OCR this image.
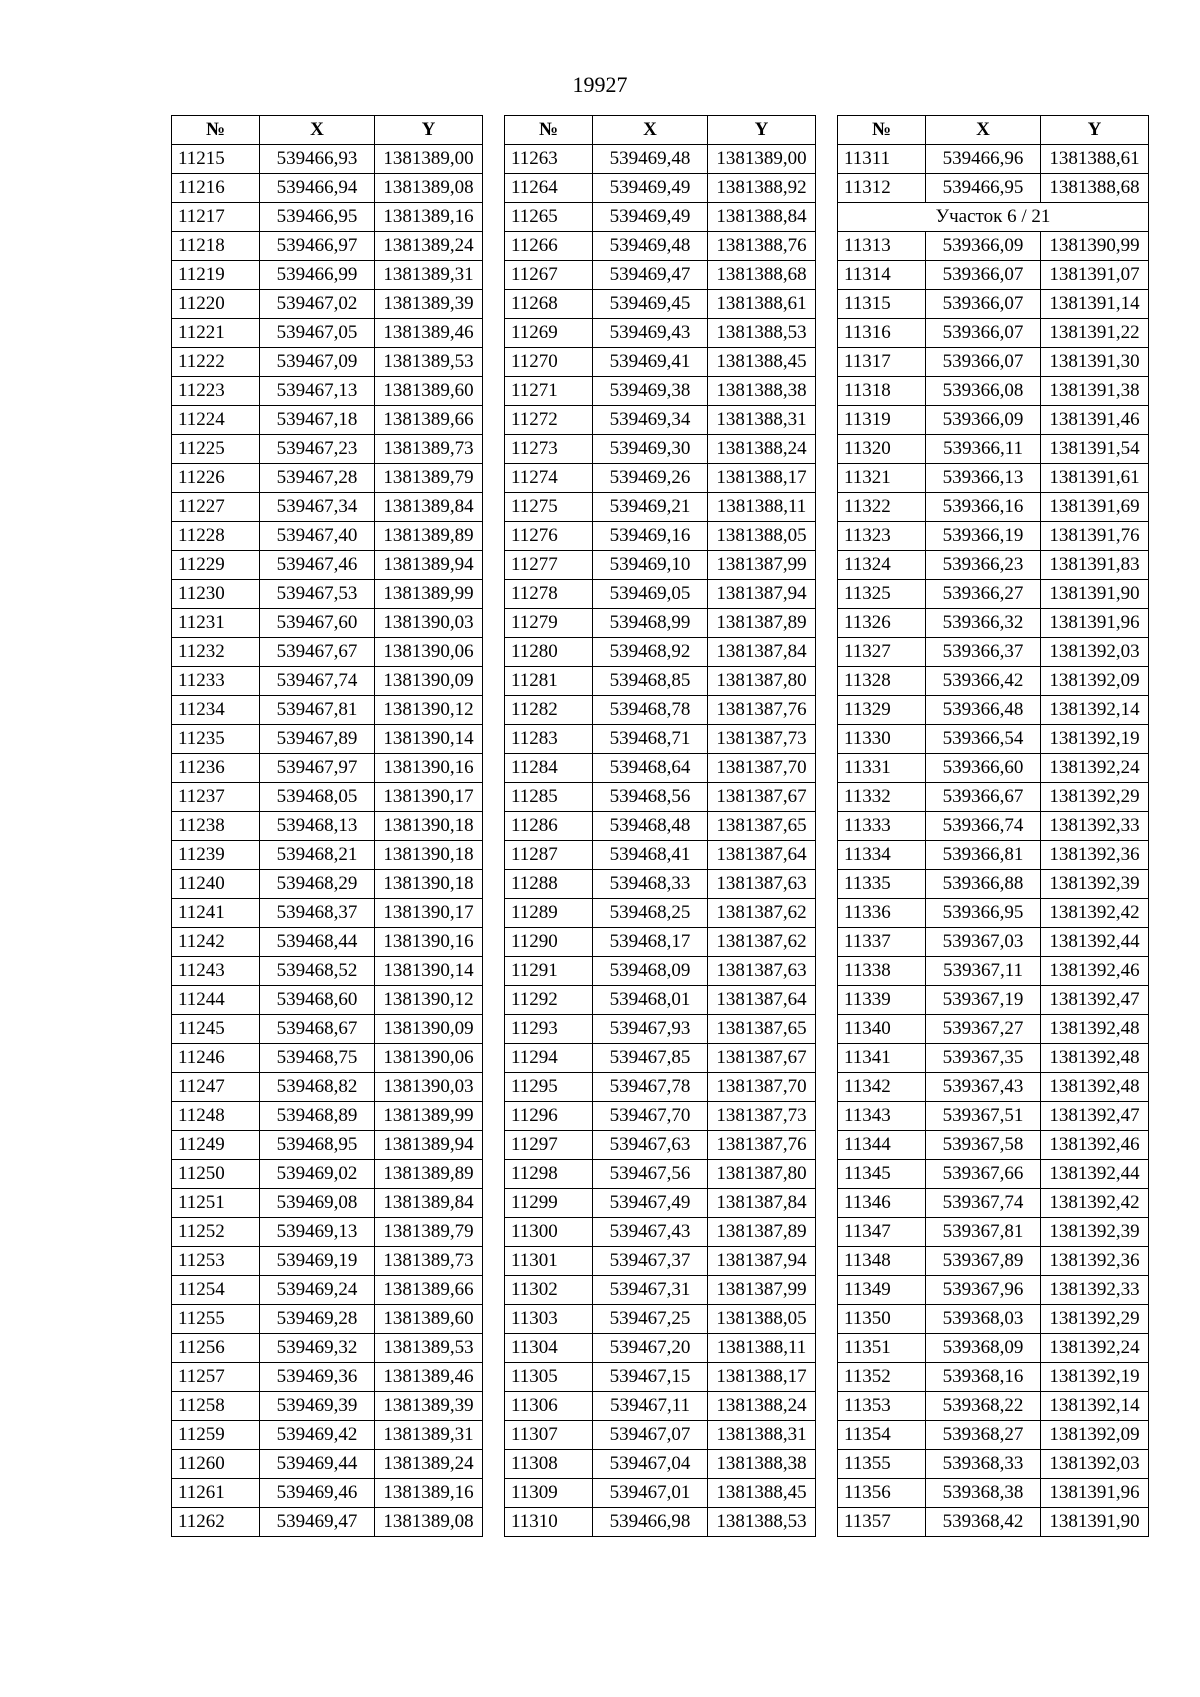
19927
№	X	Y
11215	539466,93	1381389,00
11216	539466,94	1381389,08
11217	539466,95	1381389,16
11218	539466,97	1381389,24
11219	539466,99	1381389,31
11220	539467,02	1381389,39
11221	539467,05	1381389,46
11222	539467,09	1381389,53
11223	539467,13	1381389,60
11224	539467,18	1381389,66
11225	539467,23	1381389,73
11226	539467,28	1381389,79
11227	539467,34	1381389,84
11228	539467,40	1381389,89
11229	539467,46	1381389,94
11230	539467,53	1381389,99
11231	539467,60	1381390,03
11232	539467,67	1381390,06
11233	539467,74	1381390,09
11234	539467,81	1381390,12
11235	539467,89	1381390,14
11236	539467,97	1381390,16
11237	539468,05	1381390,17
11238	539468,13	1381390,18
11239	539468,21	1381390,18
11240	539468,29	1381390,18
11241	539468,37	1381390,17
11242	539468,44	1381390,16
11243	539468,52	1381390,14
11244	539468,60	1381390,12
11245	539468,67	1381390,09
11246	539468,75	1381390,06
11247	539468,82	1381390,03
11248	539468,89	1381389,99
11249	539468,95	1381389,94
11250	539469,02	1381389,89
11251	539469,08	1381389,84
11252	539469,13	1381389,79
11253	539469,19	1381389,73
11254	539469,24	1381389,66
11255	539469,28	1381389,60
11256	539469,32	1381389,53
11257	539469,36	1381389,46
11258	539469,39	1381389,39
11259	539469,42	1381389,31
11260	539469,44	1381389,24
11261	539469,46	1381389,16
11262	539469,47	1381389,08
№	X	Y
11263	539469,48	1381389,00
11264	539469,49	1381388,92
11265	539469,49	1381388,84
11266	539469,48	1381388,76
11267	539469,47	1381388,68
11268	539469,45	1381388,61
11269	539469,43	1381388,53
11270	539469,41	1381388,45
11271	539469,38	1381388,38
11272	539469,34	1381388,31
11273	539469,30	1381388,24
11274	539469,26	1381388,17
11275	539469,21	1381388,11
11276	539469,16	1381388,05
11277	539469,10	1381387,99
11278	539469,05	1381387,94
11279	539468,99	1381387,89
11280	539468,92	1381387,84
11281	539468,85	1381387,80
11282	539468,78	1381387,76
11283	539468,71	1381387,73
11284	539468,64	1381387,70
11285	539468,56	1381387,67
11286	539468,48	1381387,65
11287	539468,41	1381387,64
11288	539468,33	1381387,63
11289	539468,25	1381387,62
11290	539468,17	1381387,62
11291	539468,09	1381387,63
11292	539468,01	1381387,64
11293	539467,93	1381387,65
11294	539467,85	1381387,67
11295	539467,78	1381387,70
11296	539467,70	1381387,73
11297	539467,63	1381387,76
11298	539467,56	1381387,80
11299	539467,49	1381387,84
11300	539467,43	1381387,89
11301	539467,37	1381387,94
11302	539467,31	1381387,99
11303	539467,25	1381388,05
11304	539467,20	1381388,11
11305	539467,15	1381388,17
11306	539467,11	1381388,24
11307	539467,07	1381388,31
11308	539467,04	1381388,38
11309	539467,01	1381388,45
11310	539466,98	1381388,53
№	X	Y
11311	539466,96	1381388,61
11312	539466,95	1381388,68
Участок 6 / 21		
11313	539366,09	1381390,99
11314	539366,07	1381391,07
11315	539366,07	1381391,14
11316	539366,07	1381391,22
11317	539366,07	1381391,30
11318	539366,08	1381391,38
11319	539366,09	1381391,46
11320	539366,11	1381391,54
11321	539366,13	1381391,61
11322	539366,16	1381391,69
11323	539366,19	1381391,76
11324	539366,23	1381391,83
11325	539366,27	1381391,90
11326	539366,32	1381391,96
11327	539366,37	1381392,03
11328	539366,42	1381392,09
11329	539366,48	1381392,14
11330	539366,54	1381392,19
11331	539366,60	1381392,24
11332	539366,67	1381392,29
11333	539366,74	1381392,33
11334	539366,81	1381392,36
11335	539366,88	1381392,39
11336	539366,95	1381392,42
11337	539367,03	1381392,44
11338	539367,11	1381392,46
11339	539367,19	1381392,47
11340	539367,27	1381392,48
11341	539367,35	1381392,48
11342	539367,43	1381392,48
11343	539367,51	1381392,47
11344	539367,58	1381392,46
11345	539367,66	1381392,44
11346	539367,74	1381392,42
11347	539367,81	1381392,39
11348	539367,89	1381392,36
11349	539367,96	1381392,33
11350	539368,03	1381392,29
11351	539368,09	1381392,24
11352	539368,16	1381392,19
11353	539368,22	1381392,14
11354	539368,27	1381392,09
11355	539368,33	1381392,03
11356	539368,38	1381391,96
11357	539368,42	1381391,90
